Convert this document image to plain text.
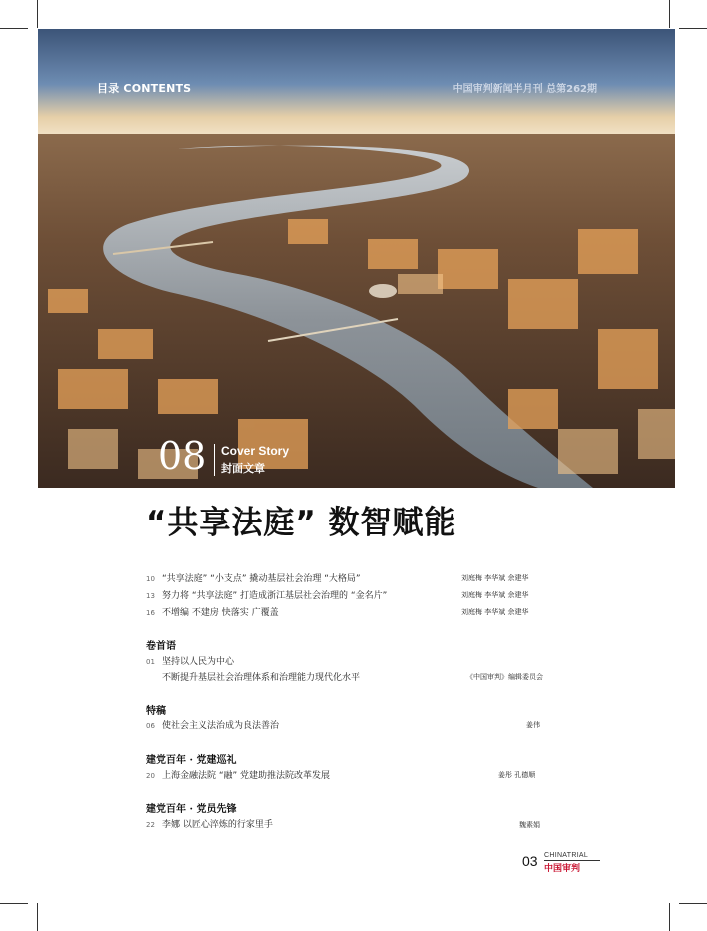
目录 CONTENTS	中国审判新闻半月刊 总第262期
08 Cover Story
封面文章
“共享法庭” 数智赋能
10 “共享法庭” “小支点” 撬动基层社会治理 “大格局”	刘庭梅 李华斌 余建华
13 努力将 “共享法庭” 打造成浙江基层社会治理的 “金名片”	刘庭梅 李华斌 余建华
16 不增编 不建房 快落实 广覆盖	刘庭梅 李华斌 余建华
卷首语
01 坚持以人民为中心
不断提升基层社会治理体系和治理能力现代化水平	《中国审判》编辑委员会
特稿
06 使社会主义法治成为良法善治	姜伟
建党百年 · 党建巡礼
20 上海金融法院 “融” 党建助推法院改革发展	姜彤 孔德顺
建党百年 · 党员先锋
22 李娜 以匠心淬炼的行家里手	魏素娟
03 CHINATRIAL
中国审判
